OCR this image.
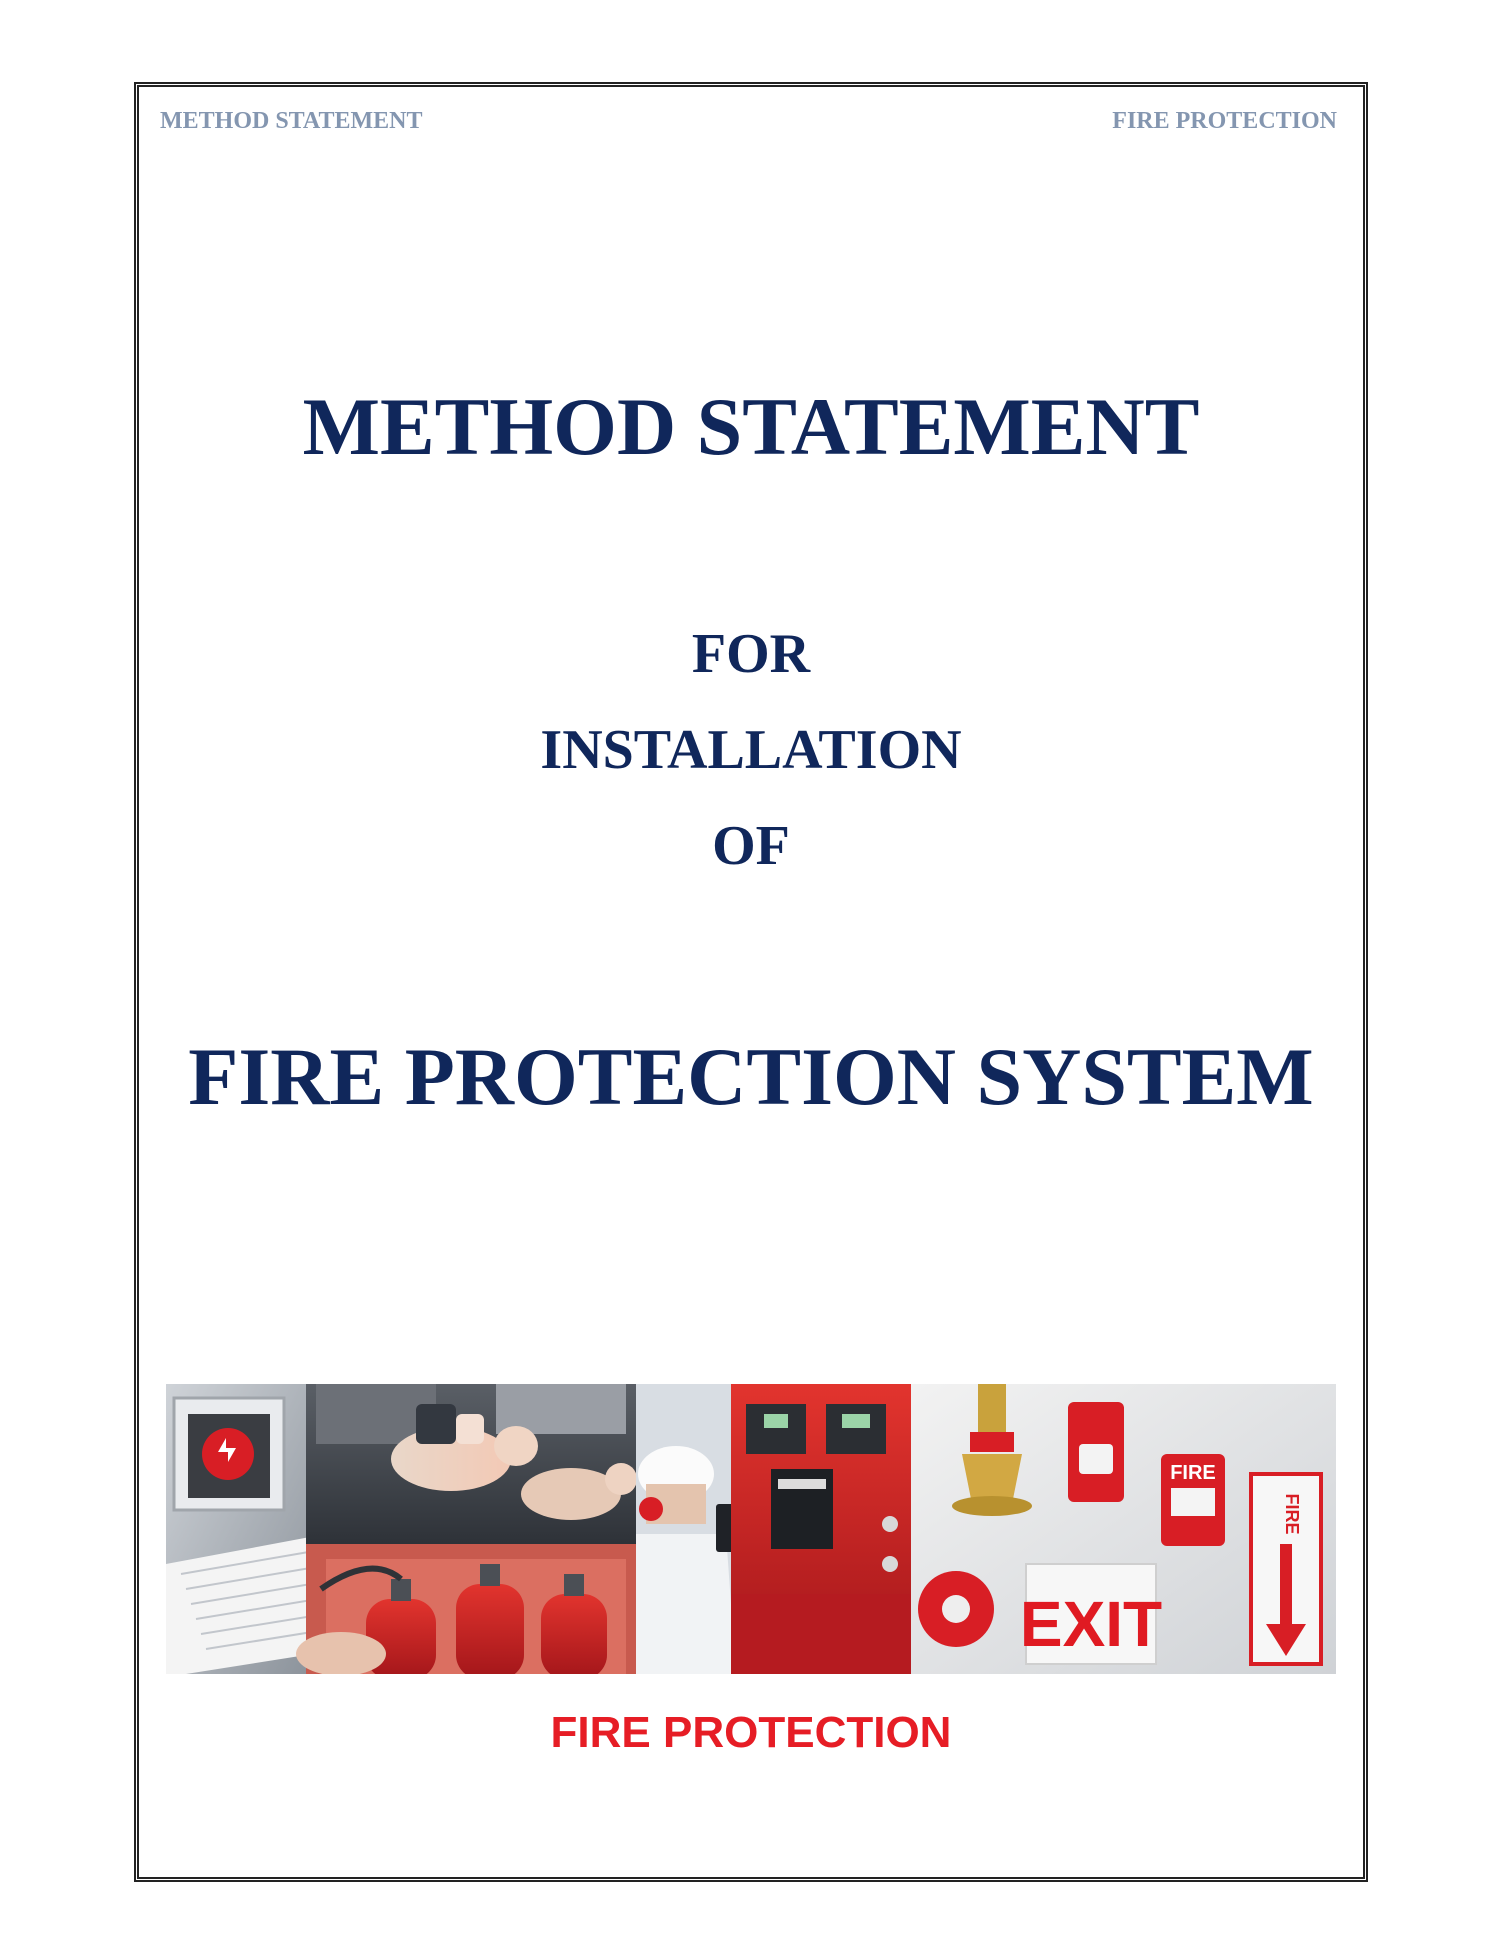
METHOD STATEMENT	FIRE PROTECTION
METHOD STATEMENT
FOR
INSTALLATION
OF
FIRE PROTECTION SYSTEM
FIRE
FIRE
EXIT
FIRE PROTECTION
